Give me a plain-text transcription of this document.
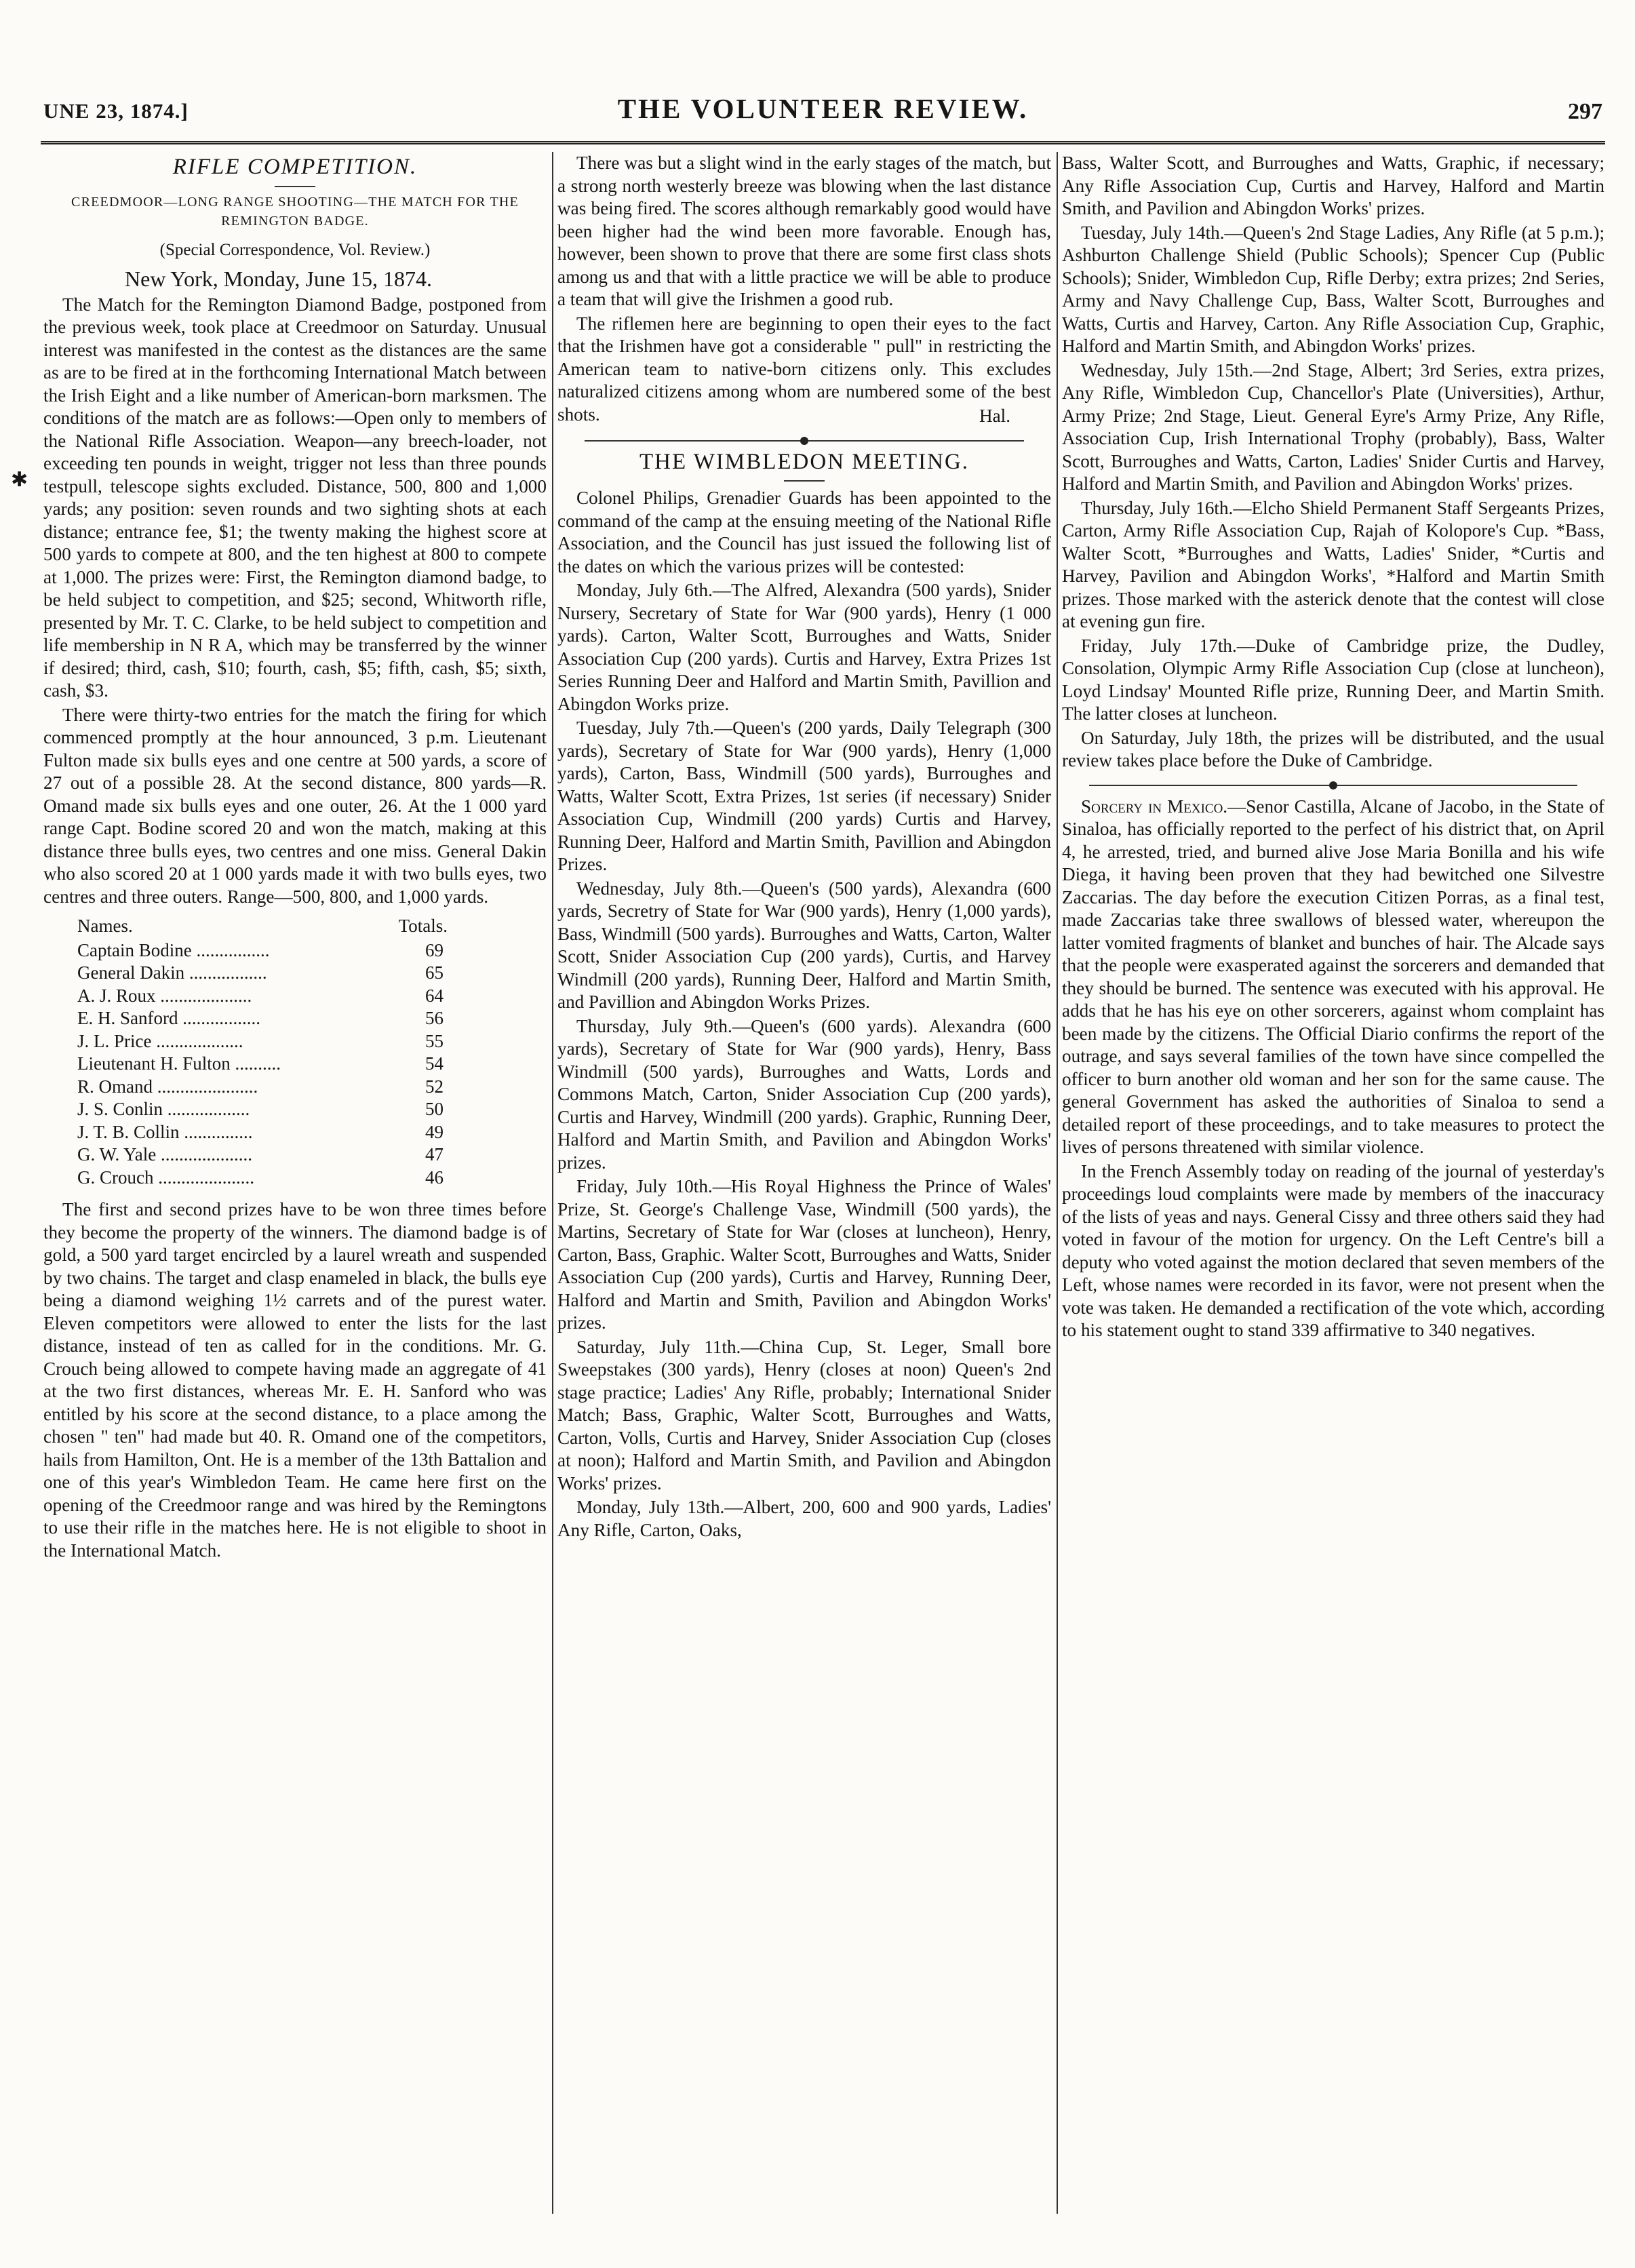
UNE 23, 1874.]	THE VOLUNTEER REVIEW.	297
✱
RIFLE COMPETITION.
CREEDMOOR—LONG RANGE SHOOTING—THE MATCH FOR THE REMINGTON BADGE.
(Special Correspondence, Vol. Review.)
New York, Monday, June 15, 1874.

The Match for the Remington Diamond Badge, postponed from the previous week, took place at Creedmoor on Saturday. Unusual interest was manifested in the contest as the distances are the same as are to be fired at in the forthcoming International Match between the Irish Eight and a like number of American-born marksmen. The conditions of the match are as follows:—Open only to members of the National Rifle Association. Weapon—any breech-loader, not exceeding ten pounds in weight, trigger not less than three pounds testpull, telescope sights excluded. Distance, 500, 800 and 1,000 yards; any position: seven rounds and two sighting shots at each distance; entrance fee, $1; the twenty making the highest score at 500 yards to compete at 800, and the ten highest at 800 to compete at 1,000. The prizes were: First, the Remington diamond badge, to be held subject to competition, and $25; second, Whitworth rifle, presented by Mr. T. C. Clarke, to be held subject to competition and life membership in N R A, which may be transferred by the winner if desired; third, cash, $10; fourth, cash, $5; fifth, cash, $5; sixth, cash, $3.

There were thirty-two entries for the match the firing for which commenced promptly at the hour announced, 3 p.m. Lieutenant Fulton made six bulls eyes and one centre at 500 yards, a score of 27 out of a possible 28. At the second distance, 800 yards—R. Omand made six bulls eyes and one outer, 26. At the 1 000 yard range Capt. Bodine scored 20 and won the match, making at this distance three bulls eyes, two centres and one miss. General Dakin who also scored 20 at 1 000 yards made it with two bulls eyes, two centres and three outers. Range—500, 800, and 1,000 yards.

Names.	Totals.
Captain Bodine ................	69
General Dakin .................	65
A. J. Roux ....................	64
E. H. Sanford .................	56
J. L. Price ...................	55
Lieutenant H. Fulton ..........	54
R. Omand ......................	52
J. S. Conlin ..................	50
J. T. B. Collin ...............	49
G. W. Yale ....................	47
G. Crouch .....................	46

The first and second prizes have to be won three times before they become the property of the winners. The diamond badge is of gold, a 500 yard target encircled by a laurel wreath and suspended by two chains. The target and clasp enameled in black, the bulls eye being a diamond weighing 1½ carrets and of the purest water. Eleven competitors were allowed to enter the lists for the last distance, instead of ten as called for in the conditions. Mr. G. Crouch being allowed to compete having made an aggregate of 41 at the two first distances, whereas Mr. E. H. Sanford who was entitled by his score at the second distance, to a place among the chosen " ten" had made but 40. R. Omand one of the competitors, hails from Hamilton, Ont. He is a member of the 13th Battalion and one of this year's Wimbledon Team. He came here first on the opening of the Creedmoor range and was hired by the Remingtons to use their rifle in the matches here. He is not eligible to shoot in the International Match.

There was but a slight wind in the early stages of the match, but a strong north westerly breeze was blowing when the last distance was being fired. The scores although remarkably good would have been higher had the wind been more favorable. Enough has, however, been shown to prove that there are some first class shots among us and that with a little practice we will be able to produce a team that will give the Irishmen a good rub.

The riflemen here are beginning to open their eyes to the fact that the Irishmen have got a considerable " pull" in restricting the American team to native-born citizens only. This excludes naturalized citizens among whom are numbered some of the best shots.	Hal.
THE WIMBLEDON MEETING.

Colonel Philips, Grenadier Guards has been appointed to the command of the camp at the ensuing meeting of the National Rifle Association, and the Council has just issued the following list of the dates on which the various prizes will be contested:

Monday, July 6th.—The Alfred, Alexandra (500 yards), Snider Nursery, Secretary of State for War (900 yards), Henry (1 000 yards). Carton, Walter Scott, Burroughes and Watts, Snider Association Cup (200 yards). Curtis and Harvey, Extra Prizes 1st Series Running Deer and Halford and Martin Smith, Pavillion and Abingdon Works prize.

Tuesday, July 7th.—Queen's (200 yards, Daily Telegraph (300 yards), Secretary of State for War (900 yards), Henry (1,000 yards), Carton, Bass, Windmill (500 yards), Burroughes and Watts, Walter Scott, Extra Prizes, 1st series (if necessary) Snider Association Cup, Windmill (200 yards) Curtis and Harvey, Running Deer, Halford and Martin Smith, Pavillion and Abingdon Prizes.

Wednesday, July 8th.—Queen's (500 yards), Alexandra (600 yards, Secretry of State for War (900 yards), Henry (1,000 yards), Bass, Windmill (500 yards). Burroughes and Watts, Carton, Walter Scott, Snider Association Cup (200 yards), Curtis, and Harvey Windmill (200 yards), Running Deer, Halford and Martin Smith, and Pavillion and Abingdon Works Prizes.

Thursday, July 9th.—Queen's (600 yards). Alexandra (600 yards), Secretary of State for War (900 yards), Henry, Bass Windmill (500 yards), Burroughes and Watts, Lords and Commons Match, Carton, Snider Association Cup (200 yards), Curtis and Harvey, Windmill (200 yards). Graphic, Running Deer, Halford and Martin Smith, and Pavilion and Abingdon Works' prizes.

Friday, July 10th.—His Royal Highness the Prince of Wales' Prize, St. George's Challenge Vase, Windmill (500 yards), the Martins, Secretary of State for War (closes at luncheon), Henry, Carton, Bass, Graphic. Walter Scott, Burroughes and Watts, Snider Association Cup (200 yards), Curtis and Harvey, Running Deer, Halford and Martin and Smith, Pavilion and Abingdon Works' prizes.

Saturday, July 11th.—China Cup, St. Leger, Small bore Sweepstakes (300 yards), Henry (closes at noon) Queen's 2nd stage practice; Ladies' Any Rifle, probably; International Snider Match; Bass, Graphic, Walter Scott, Burroughes and Watts, Carton, Volls, Curtis and Harvey, Snider Association Cup (closes at noon); Halford and Martin Smith, and Pavilion and Abingdon Works' prizes.

Monday, July 13th.—Albert, 200, 600 and 900 yards, Ladies' Any Rifle, Carton, Oaks,

Bass, Walter Scott, and Burroughes and Watts, Graphic, if necessary; Any Rifle Association Cup, Curtis and Harvey, Halford and Martin Smith, and Pavilion and Abingdon Works' prizes.

Tuesday, July 14th.—Queen's 2nd Stage Ladies, Any Rifle (at 5 p.m.); Ashburton Challenge Shield (Public Schools); Spencer Cup (Public Schools); Snider, Wimbledon Cup, Rifle Derby; extra prizes; 2nd Series, Army and Navy Challenge Cup, Bass, Walter Scott, Burroughes and Watts, Curtis and Harvey, Carton. Any Rifle Association Cup, Graphic, Halford and Martin Smith, and Abingdon Works' prizes.

Wednesday, July 15th.—2nd Stage, Albert; 3rd Series, extra prizes, Any Rifle, Wimbledon Cup, Chancellor's Plate (Universities), Arthur, Army Prize; 2nd Stage, Lieut. General Eyre's Army Prize, Any Rifle, Association Cup, Irish International Trophy (probably), Bass, Walter Scott, Burroughes and Watts, Carton, Ladies' Snider Curtis and Harvey, Halford and Martin Smith, and Pavilion and Abingdon Works' prizes.

Thursday, July 16th.—Elcho Shield Permanent Staff Sergeants Prizes, Carton, Army Rifle Association Cup, Rajah of Kolopore's Cup. *Bass, Walter Scott, *Burroughes and Watts, Ladies' Snider, *Curtis and Harvey, Pavilion and Abingdon Works', *Halford and Martin Smith prizes. Those marked with the asterick denote that the contest will close at evening gun fire.

Friday, July 17th.—Duke of Cambridge prize, the Dudley, Consolation, Olympic Army Rifle Association Cup (close at luncheon), Loyd Lindsay' Mounted Rifle prize, Running Deer, and Martin Smith. The latter closes at luncheon.

On Saturday, July 18th, the prizes will be distributed, and the usual review takes place before the Duke of Cambridge.

Sorcery in Mexico.—Senor Castilla, Alcane of Jacobo, in the State of Sinaloa, has officially reported to the perfect of his district that, on April 4, he arrested, tried, and burned alive Jose Maria Bonilla and his wife Diega, it having been proven that they had bewitched one Silvestre Zaccarias. The day before the execution Citizen Porras, as a final test, made Zaccarias take three swallows of blessed water, whereupon the latter vomited fragments of blanket and bunches of hair. The Alcade says that the people were exasperated against the sorcerers and demanded that they should be burned. The sentence was executed with his approval. He adds that he has his eye on other sorcerers, against whom complaint has been made by the citizens. The Official Diario confirms the report of the outrage, and says several families of the town have since compelled the officer to burn another old woman and her son for the same cause. The general Government has asked the authorities of Sinaloa to send a detailed report of these proceedings, and to take measures to protect the lives of persons threatened with similar violence.

In the French Assembly today on reading of the journal of yesterday's proceedings loud complaints were made by members of the inaccuracy of the lists of yeas and nays. General Cissy and three others said they had voted in favour of the motion for urgency. On the Left Centre's bill a deputy who voted against the motion declared that seven members of the Left, whose names were recorded in its favor, were not present when the vote was taken. He demanded a rectification of the vote which, according to his statement ought to stand 339 affirmative to 340 negatives.
